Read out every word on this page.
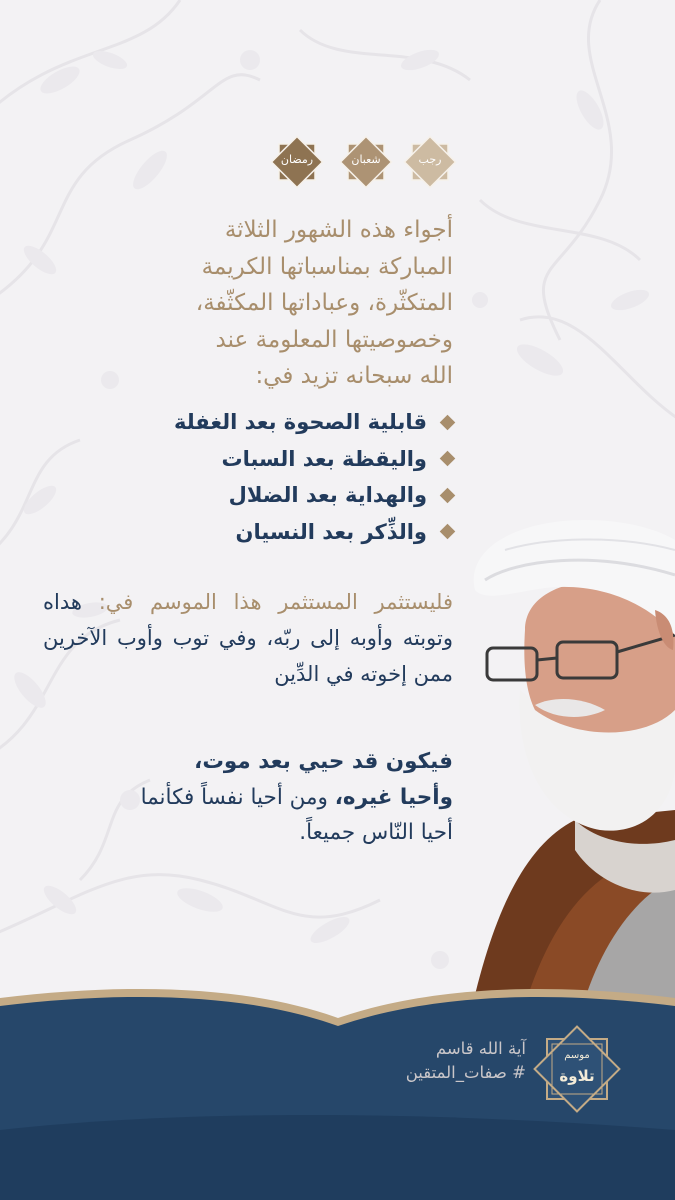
رجب
شعبان
رمضان
أجواء هذه الشهور الثلاثة
المباركة بمناسباتها الكريمة
المتكثّرة، وعباداتها المكثّفة،
وخصوصيتها المعلومة عند
الله سبحانه تزيد في:
قابلية الصحوة بعد الغفلة
واليقظة بعد السبات
والهداية بعد الضلال
والذِّكر بعد النسيان
فليستثمر المستثمر هذا الموسم في: هداه وتوبته وأوبه إلى ربّه، وفي توب وأوب الآخرين ممن إخوته في الدِّين
فيكون قد حيي بعد موت،
وأحيا غيره، ومن أحيا نفساً فكأنما
أحيا النّاس جميعاً.
آية الله قاسم
# صفات_المتقين
موسم
تلاوة
